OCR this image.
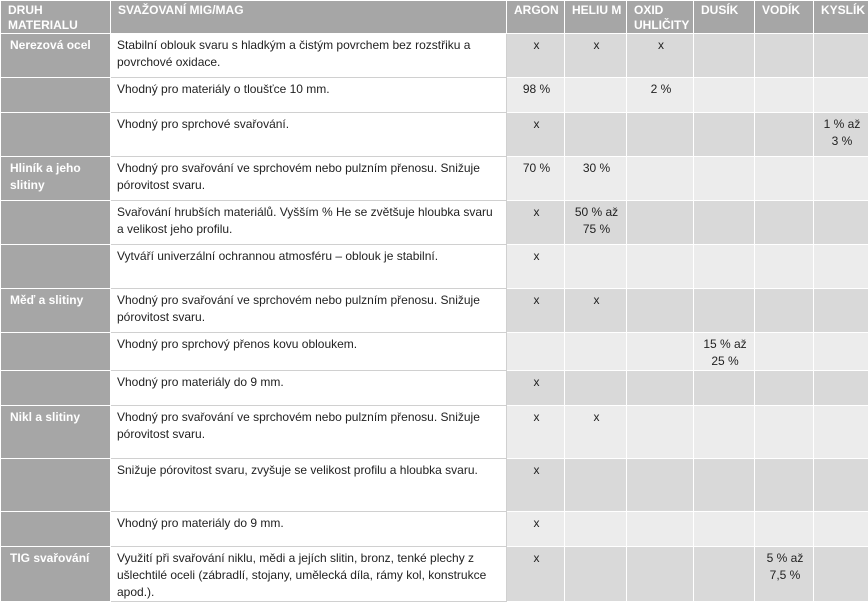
DRUH MATERIALU	SVAŽOVANÍ MIG/MAG	ARGON	HELIU M	OXID UHLIČITY	DUSÍK	VODÍK	KYSLÍK
Nerezová ocel	Stabilní oblouk svaru s hladkým a čistým povrchem bez rozstřiku a povrchové oxidace.	x	x	x			
	Vhodný pro materiály o tloušťce 10 mm.	98 %		2 %			
	Vhodný pro sprchové svařování.	x					1 % až 3 %
Hliník a jeho slitiny	Vhodný pro svařování ve sprchovém nebo pulzním přenosu. Snižuje pórovitost svaru.	70 %	30 %				
	Svařování hrubších materiálů. Vyšším % He se zvětšuje hloubka svaru a velikost jeho profilu.	x	50 % až 75 %				
	Vytváří univerzální ochrannou atmosféru – oblouk je stabilní.	x					
Měď a slitiny	Vhodný pro svařování ve sprchovém nebo pulzním přenosu. Snižuje pórovitost svaru.	x	x				
	Vhodný pro sprchový přenos kovu obloukem.				15 % až 25 %		
	Vhodný pro materiály do 9 mm.	x					
Nikl a slitiny	Vhodný pro svařování ve sprchovém nebo pulzním přenosu. Snižuje pórovitost svaru.	x	x				
	Snižuje pórovitost svaru, zvyšuje se velikost profilu a hloubka svaru.	x					
	Vhodný pro materiály do 9 mm.	x					
TIG svařování	Využití při svařování niklu, mědi a jejích slitin, bronz, tenké plechy z ušlechtilé oceli (zábradlí, stojany, umělecká díla, rámy kol, konstrukce apod.).	x				5 % až 7,5 %	
